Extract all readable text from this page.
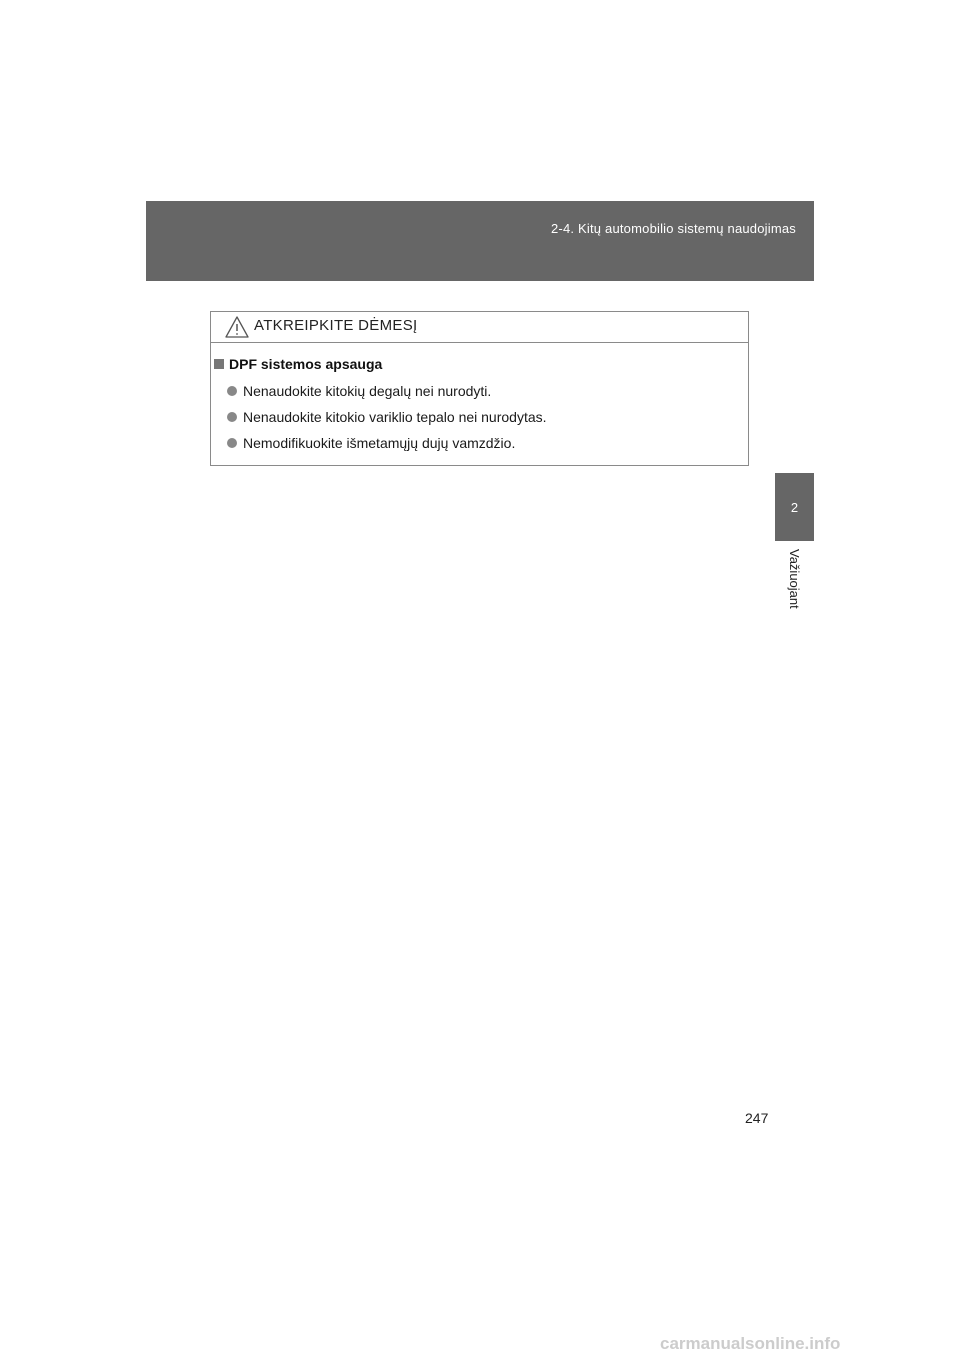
2-4. Kitų automobilio sistemų naudojimas
2
Važiuojant
ATKREIPKITE DĖMESĮ
DPF sistemos apsauga
Nenaudokite kitokių degalų nei nurodyti.
Nenaudokite kitokio variklio tepalo nei nurodytas.
Nemodifikuokite išmetamųjų dujų vamzdžio.
247
carmanualsonline.info
